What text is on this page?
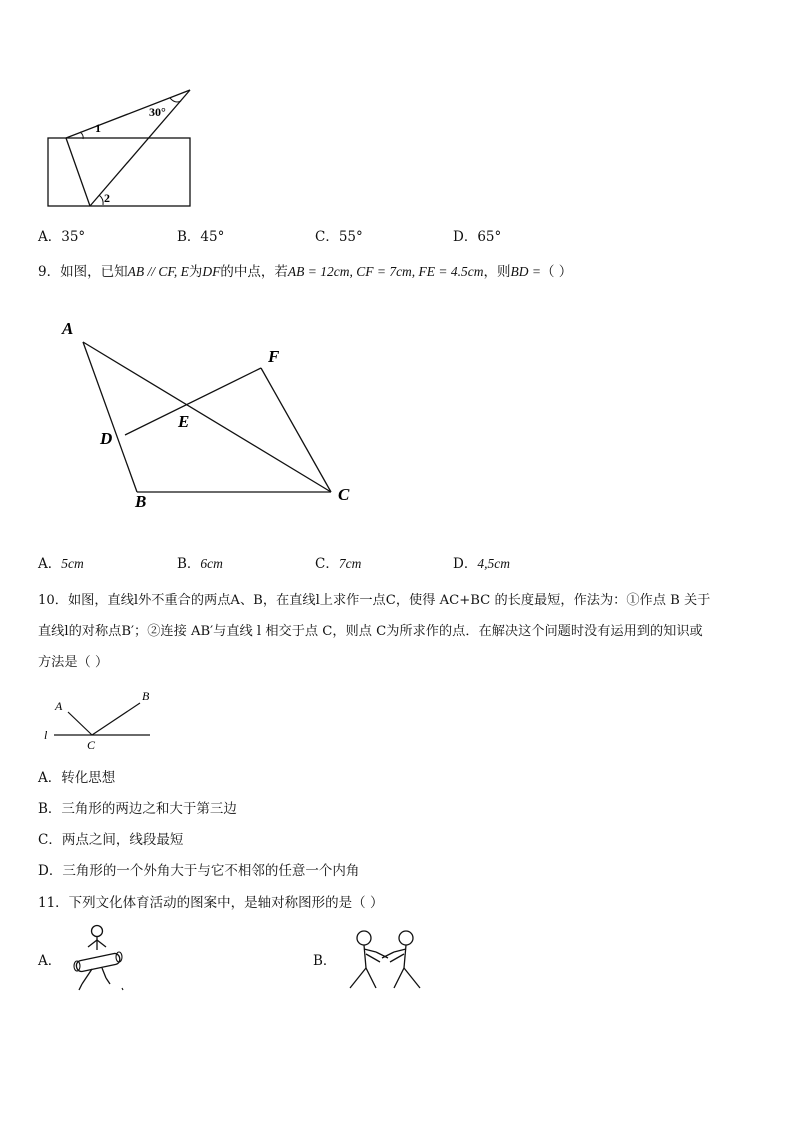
30°
1
2
A．35°	B．45°	C．55°	D．65°
9．如图，已知AB // CF, E为DF的中点，若AB = 12cm, CF = 7cm, FE = 4.5cm，则BD =（ ）
A
F
E
D
B	C
A．5cm	B．6cm	C．7cm	D．4,5cm
10．如图，直线l外不重合的两点A、B，在直线l上求作一点C，使得 AC+BC 的长度最短，作法为：①作点 B 关于
直线l的对称点B′；②连接 AB′与直线 l 相交于点 C，则点 C为所求作的点．在解决这个问题时没有运用到的知识或
方法是（ ）
A
B
l
C
A．转化思想
B．三角形的两边之和大于第三边
C．两点之间，线段最短
D．三角形的一个外角大于与它不相邻的任意一个内角
11．下列文化体育活动的图案中，是轴对称图形的是（ ）
A．	B．
